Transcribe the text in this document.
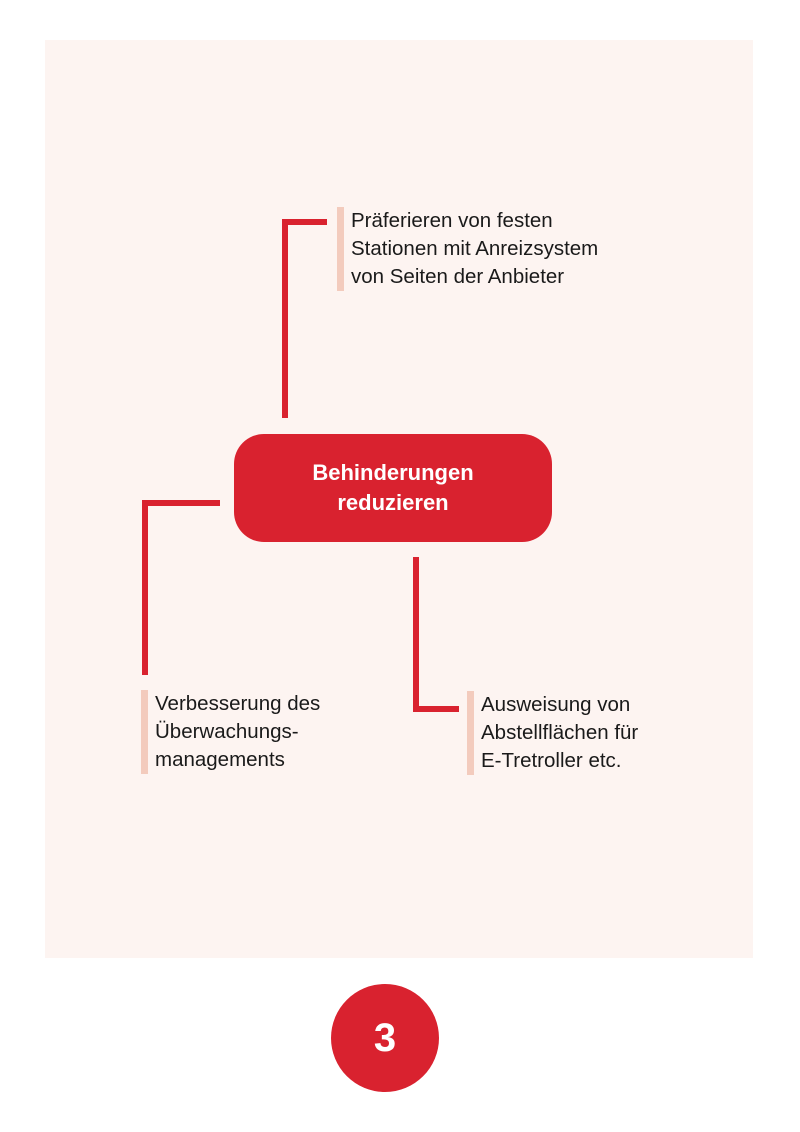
Behinderungen
reduzieren
Präferieren von festen
Stationen mit Anreizsystem
von Seiten der Anbieter
Verbesserung des
Überwachungs-
managements
Ausweisung von
Abstellflächen für
E-Tretroller etc.
3
